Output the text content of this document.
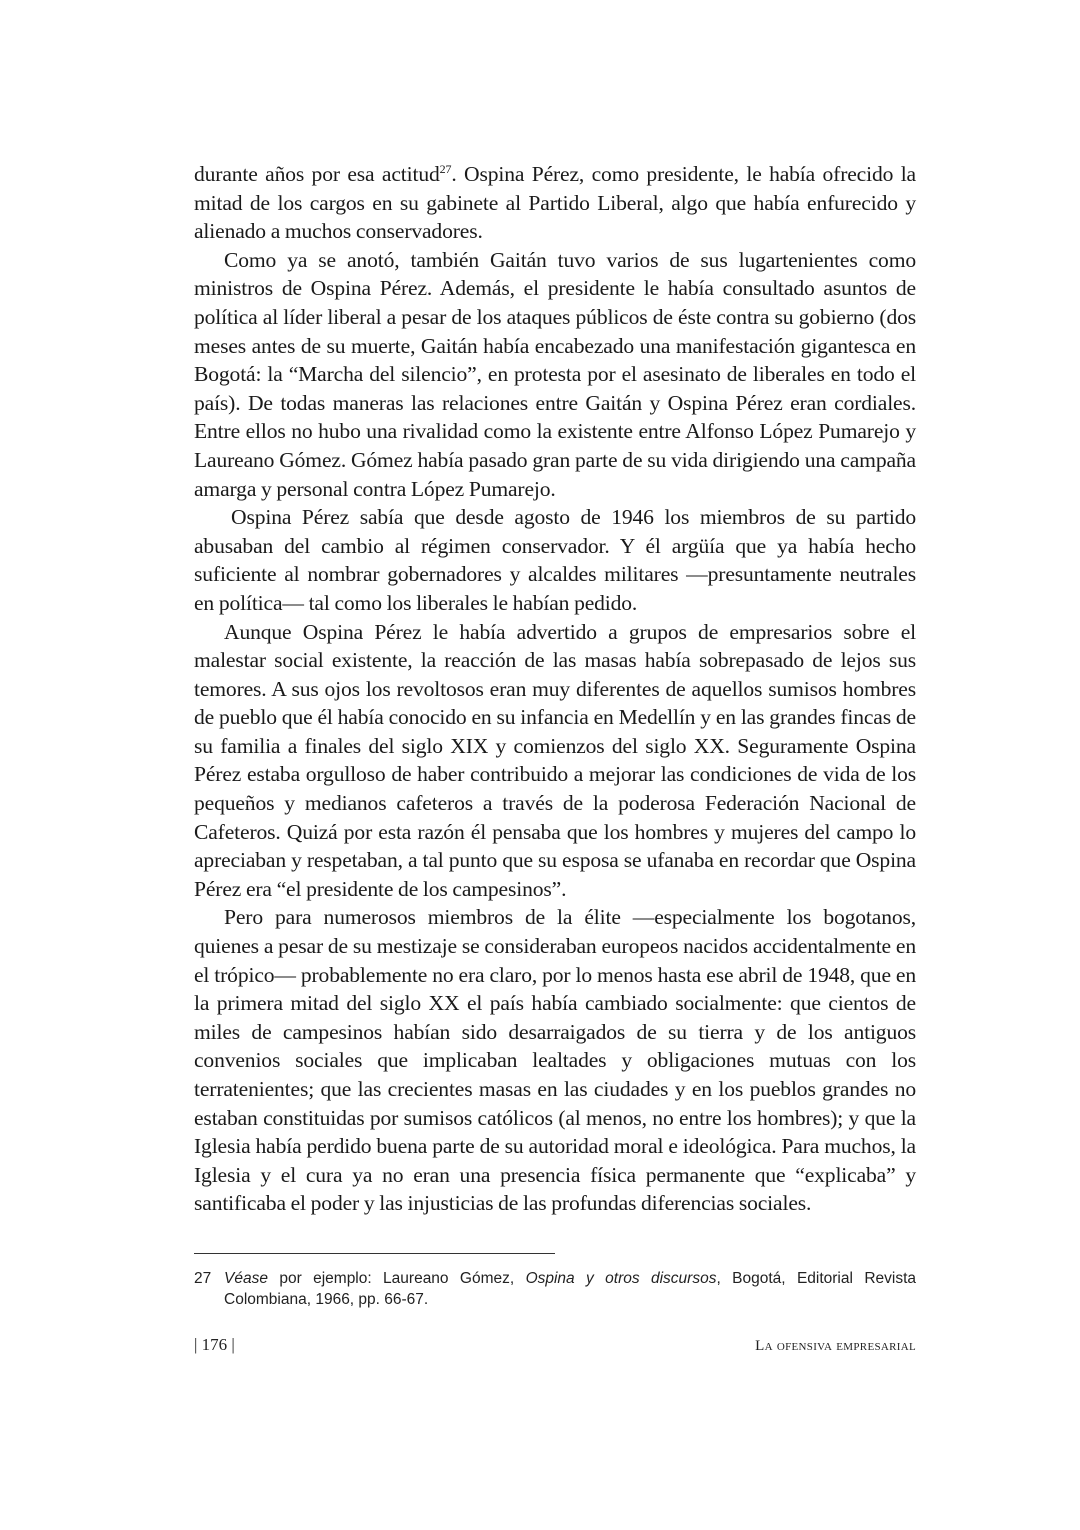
durante años por esa actitud$^{27}$. Ospina Pérez, como presidente, le había ofrecido la mitad de los cargos en su gabinete al Partido Liberal, algo que había enfurecido y alienado a muchos conservadores.

Como ya se anotó, también Gaitán tuvo varios de sus lugartenientes como ministros de Ospina Pérez. Además, el presidente le había consultado asuntos de política al líder liberal a pesar de los ataques públicos de éste contra su gobierno (dos meses antes de su muerte, Gaitán había encabezado una manifestación gigantesca en Bogotá: la “Marcha del silencio”, en protesta por el asesinato de liberales en todo el país). De todas maneras las relaciones entre Gaitán y Ospina Pérez eran cordiales. Entre ellos no hubo una rivalidad como la existente entre Alfonso López Pumarejo y Laureano Gómez. Gómez había pasado gran parte de su vida dirigiendo una campaña amarga y personal contra López Pumarejo.

Ospina Pérez sabía que desde agosto de 1946 los miembros de su partido abusaban del cambio al régimen conservador. Y él argüía que ya había hecho suficiente al nombrar gobernadores y alcaldes militares —presuntamente neutrales en política— tal como los liberales le habían pedido.

Aunque Ospina Pérez le había advertido a grupos de empresarios sobre el malestar social existente, la reacción de las masas había sobrepasado de lejos sus temores. A sus ojos los revoltosos eran muy diferentes de aquellos sumisos hombres de pueblo que él había conocido en su infancia en Medellín y en las grandes fincas de su familia a finales del siglo XIX y comienzos del siglo XX. Seguramente Ospina Pérez estaba orgulloso de haber contribuido a mejorar las condiciones de vida de los pequeños y medianos cafeteros a través de la poderosa Federación Nacional de Cafeteros. Quizá por esta razón él pensaba que los hombres y mujeres del campo lo apreciaban y respetaban, a tal punto que su esposa se ufanaba en recordar que Ospina Pérez era “el presidente de los campesinos”.

Pero para numerosos miembros de la élite —especialmente los bogotanos, quienes a pesar de su mestizaje se consideraban europeos nacidos accidentalmente en el trópico— probablemente no era claro, por lo menos hasta ese abril de 1948, que en la primera mitad del siglo XX el país había cambiado socialmente: que cientos de miles de campesinos habían sido desarraigados de su tierra y de los antiguos convenios sociales que implicaban lealtades y obligaciones mutuas con los terratenientes; que las crecientes masas en las ciudades y en los pueblos grandes no estaban constituidas por sumisos católicos (al menos, no entre los hombres); y que la Iglesia había perdido buena parte de su autoridad moral e ideológica. Para muchos, la Iglesia y el cura ya no eran una presencia física permanente que “explicaba” y santificaba el poder y las injusticias de las profundas diferencias sociales.

27 Véase por ejemplo: Laureano Gómez, Ospina y otros discursos, Bogotá, Editorial Revista Colombiana, 1966, pp. 66-67.
| 176 |	La ofensiva empresarial
